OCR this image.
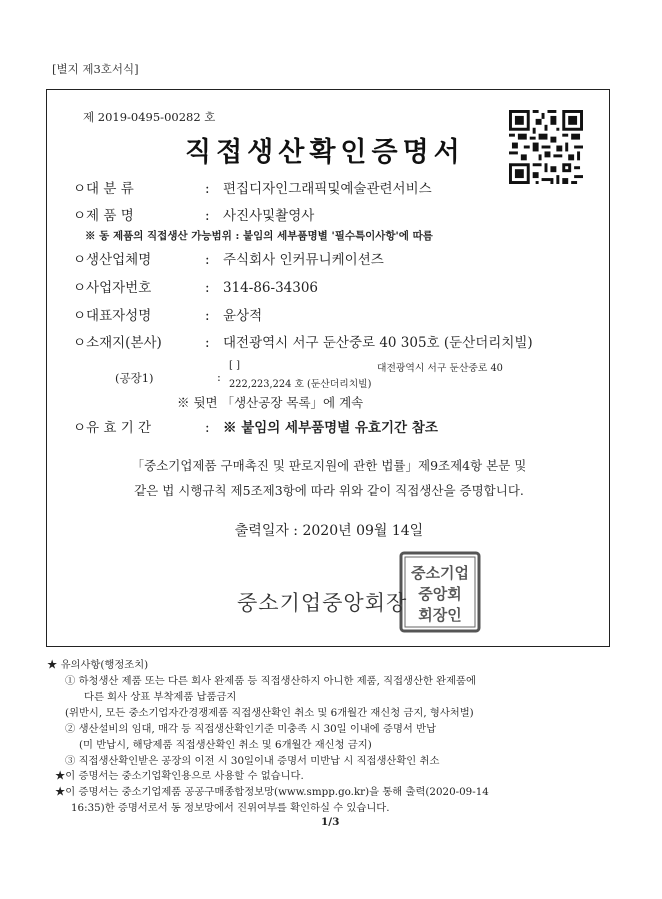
[별지 제3호서식]
제 2019-0495-00282 호
직접생산확인증명서
ㅇ대 분 류	: 편집디자인그래픽및예술관련서비스
ㅇ제 품 명	: 사진사및촬영사
※ 동 제품의 직접생산 가능범위 : 붙임의 세부품명별 '필수특이사항'에 따름
ㅇ생산업체명	: 주식회사 인커뮤니케이션즈
ㅇ사업자번호	: 314-86-34306
ㅇ대표자성명	: 윤상적
ㅇ소재지(본사)	: 대전광역시 서구 둔산중로 40 305호 (둔산더리치빌)
(공장1)	:
[ ]	대전광역시 서구 둔산중로 40
222,223,224 호 (둔산더리치빌)
※ 뒷면 「생산공장 목록」에 계속
ㅇ유 효 기 간	: ※ 붙임의 세부품명별 유효기간 참조
「중소기업제품 구매촉진 및 판로지원에 관한 법률」제9조제4항 본문 및
같은 법 시행규칙 제5조제3항에 따라 위와 같이 직접생산을 증명합니다.
출력일자 : 2020년 09월 14일
중소기업
중앙회
회장인
중소기업중앙회장
★ 유의사항(행정조치)
① 하청생산 제품 또는 다른 회사 완제품 등 직접생산하지 아니한 제품, 직접생산한 완제품에
다른 회사 상표 부착제품 납품금지
(위반시, 모든 중소기업자간경쟁제품 직접생산확인 취소 및 6개월간 재신청 금지, 형사처벌)
② 생산설비의 임대, 매각 등 직접생산확인기준 미충족 시 30일 이내에 증명서 반납
(미 반납시, 해당제품 직접생산확인 취소 및 6개월간 재신청 금지)
③ 직접생산확인받은 공장의 이전 시 30일이내 증명서 미반납 시 직접생산확인 취소
★이 증명서는 중소기업확인용으로 사용할 수 없습니다.
★이 증명서는 중소기업제품 공공구매종합정보망(www.smpp.go.kr)을 통해 출력(2020-09-14
16:35)한 증명서로서 동 정보망에서 진위여부를 확인하실 수 있습니다.
1/3
